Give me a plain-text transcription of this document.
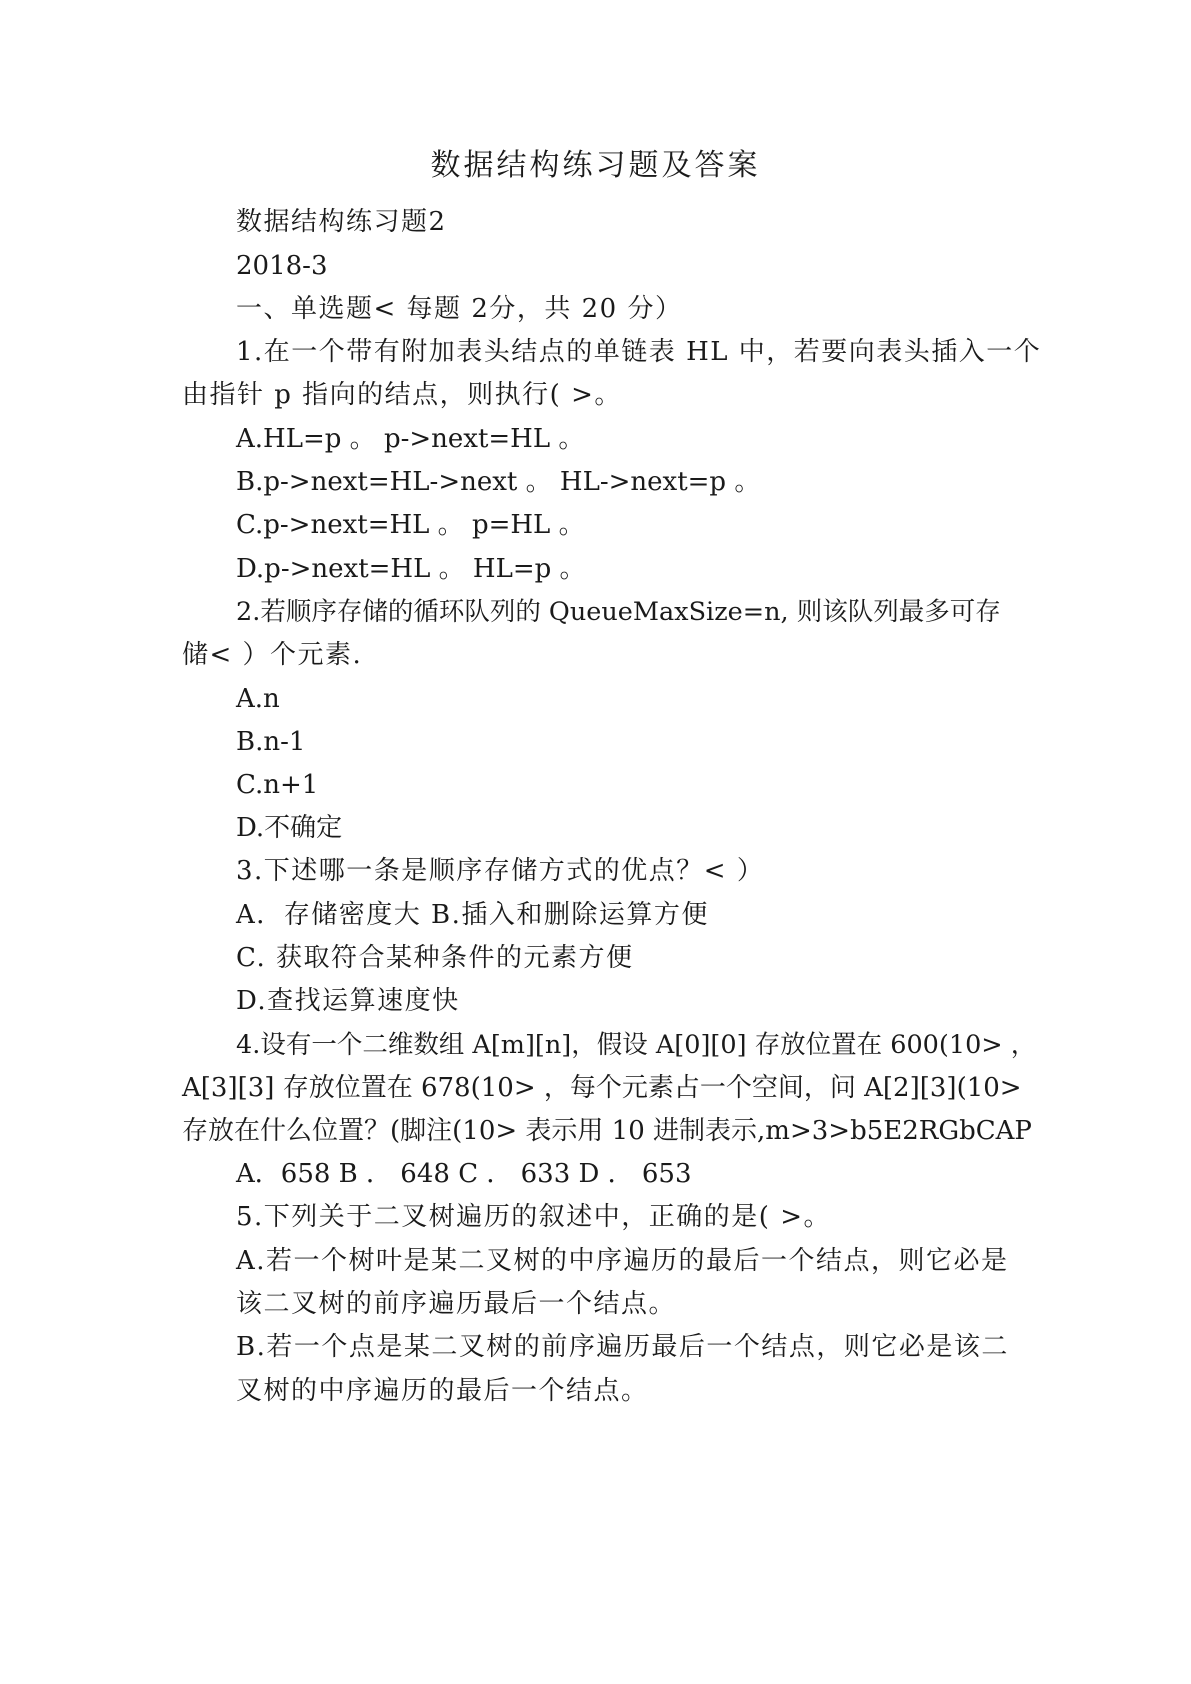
数据结构练习题及答案
数据结构练习题2
2018-3
一、单选题< 每题 2分，共 20 分）
1.在一个带有附加表头结点的单链表 HL 中，若要向表头插入一个
由指针 p 指向的结点，则执行( >。
A.HL=p 。 p->next=HL 。
B.p->next=HL->next 。 HL->next=p 。
C.p->next=HL 。 p=HL 。
D.p->next=HL 。 HL=p 。
2.若顺序存储的循环队列的 QueueMaxSize=n, 则该队列最多可存
储< ）个元素.
A.n
B.n-1
C.n+1
D.不确定
3.下述哪一条是顺序存储方式的优点？< ）
A．存储密度大 B.插入和删除运算方便
C. 获取符合某种条件的元素方便
D.查找运算速度快
4.设有一个二维数组 A[m][n]，假设 A[0][0] 存放位置在 600(10> ，
A[3][3] 存放位置在 678(10> ，每个元素占一个空间，问 A[2][3](10>
存放在什么位置？(脚注(10> 表示用 10 进制表示,m>3>b5E2RGbCAP
A．658 B ． 648 C ． 633 D ． 653
5.下列关于二叉树遍历的叙述中，正确的是( >。
A.若一个树叶是某二叉树的中序遍历的最后一个结点，则它必是
该二叉树的前序遍历最后一个结点。
B.若一个点是某二叉树的前序遍历最后一个结点，则它必是该二
叉树的中序遍历的最后一个结点。
